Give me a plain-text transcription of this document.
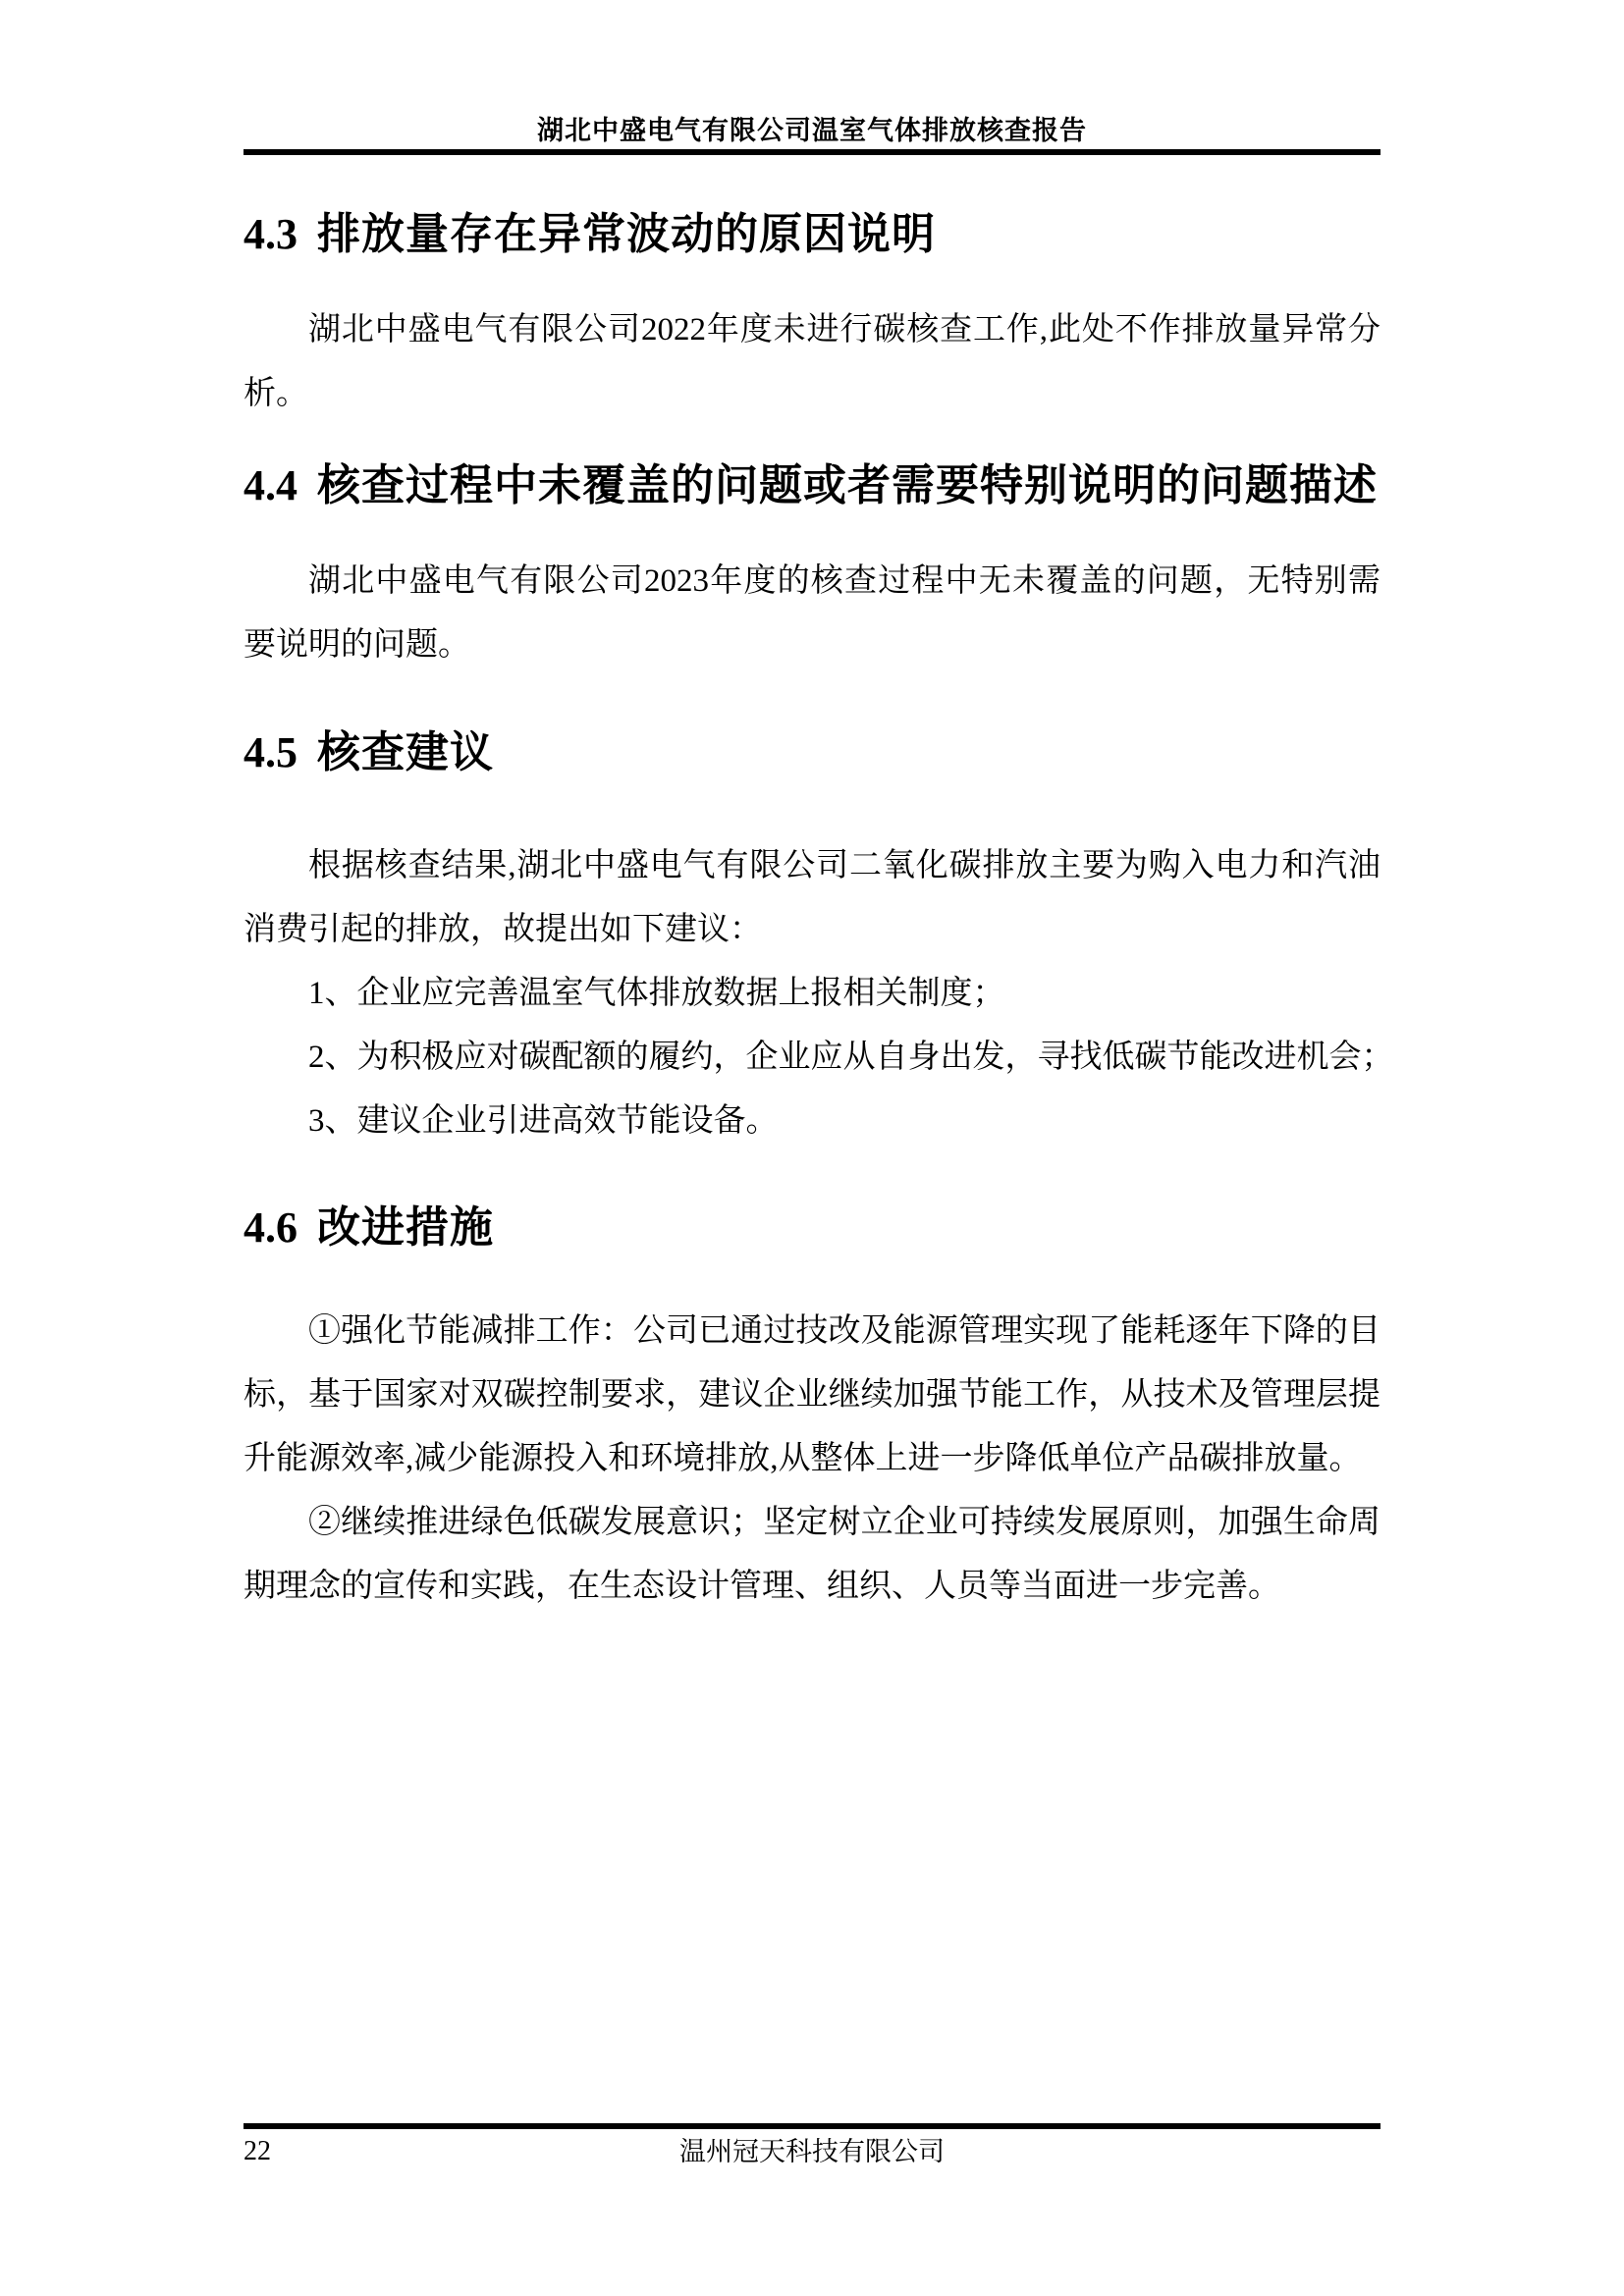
湖北中盛电气有限公司温室气体排放核查报告
4.3 排放量存在异常波动的原因说明
湖北中盛电气有限公司2022年度未进行碳核查工作,此处不作排放量异常分
析。
4.4 核查过程中未覆盖的问题或者需要特别说明的问题描述
湖北中盛电气有限公司2023年度的核查过程中无未覆盖的问题，无特别需
要说明的问题。
4.5 核查建议
根据核查结果,湖北中盛电气有限公司二氧化碳排放主要为购入电力和汽油
消费引起的排放，故提出如下建议：
1、企业应完善温室气体排放数据上报相关制度；
2、为积极应对碳配额的履约，企业应从自身出发，寻找低碳节能改进机会；
3、建议企业引进高效节能设备。
4.6 改进措施
①强化节能减排工作：公司已通过技改及能源管理实现了能耗逐年下降的目
标，基于国家对双碳控制要求，建议企业继续加强节能工作，从技术及管理层提
升能源效率,减少能源投入和环境排放,从整体上进一步降低单位产品碳排放量。
②继续推进绿色低碳发展意识；坚定树立企业可持续发展原则，加强生命周
期理念的宣传和实践，在生态设计管理、组织、人员等当面进一步完善。
22	温州冠天科技有限公司
